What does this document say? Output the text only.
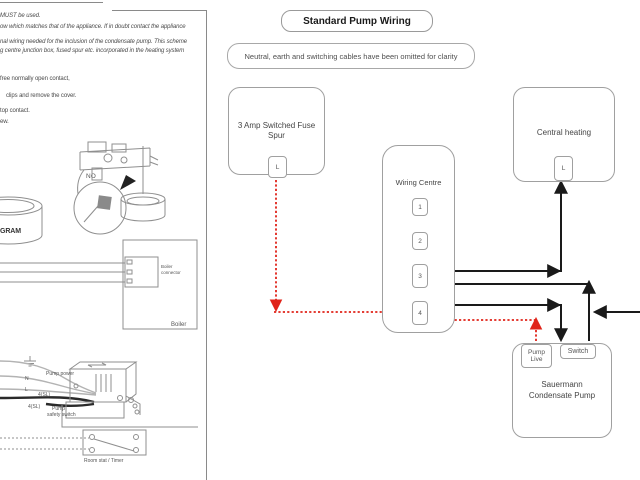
MUST be used.
ow which matches that of the appliance. If in doubt contact the appliance
nal wiring needed for the inclusion of the condensate pump. This scheme
g centre junction box, fused spur etc. incorporated in the heating system
free normally open contact,
clips and remove the cover.
top contact.
ew.
GRAM
NO
Boiler
connector
Boiler
N
L
Pump power
4(SL)
4(SL) Pump
safety switch
Room stat / Timer
Standard Pump Wiring
Neutral, earth and switching cables have been omitted for clarity
3 Amp Switched Fuse Spur
L
Central heating
L
Wiring Centre
1
2
3
4
Sauermann
Condensate Pump
Pump Live
Switch
